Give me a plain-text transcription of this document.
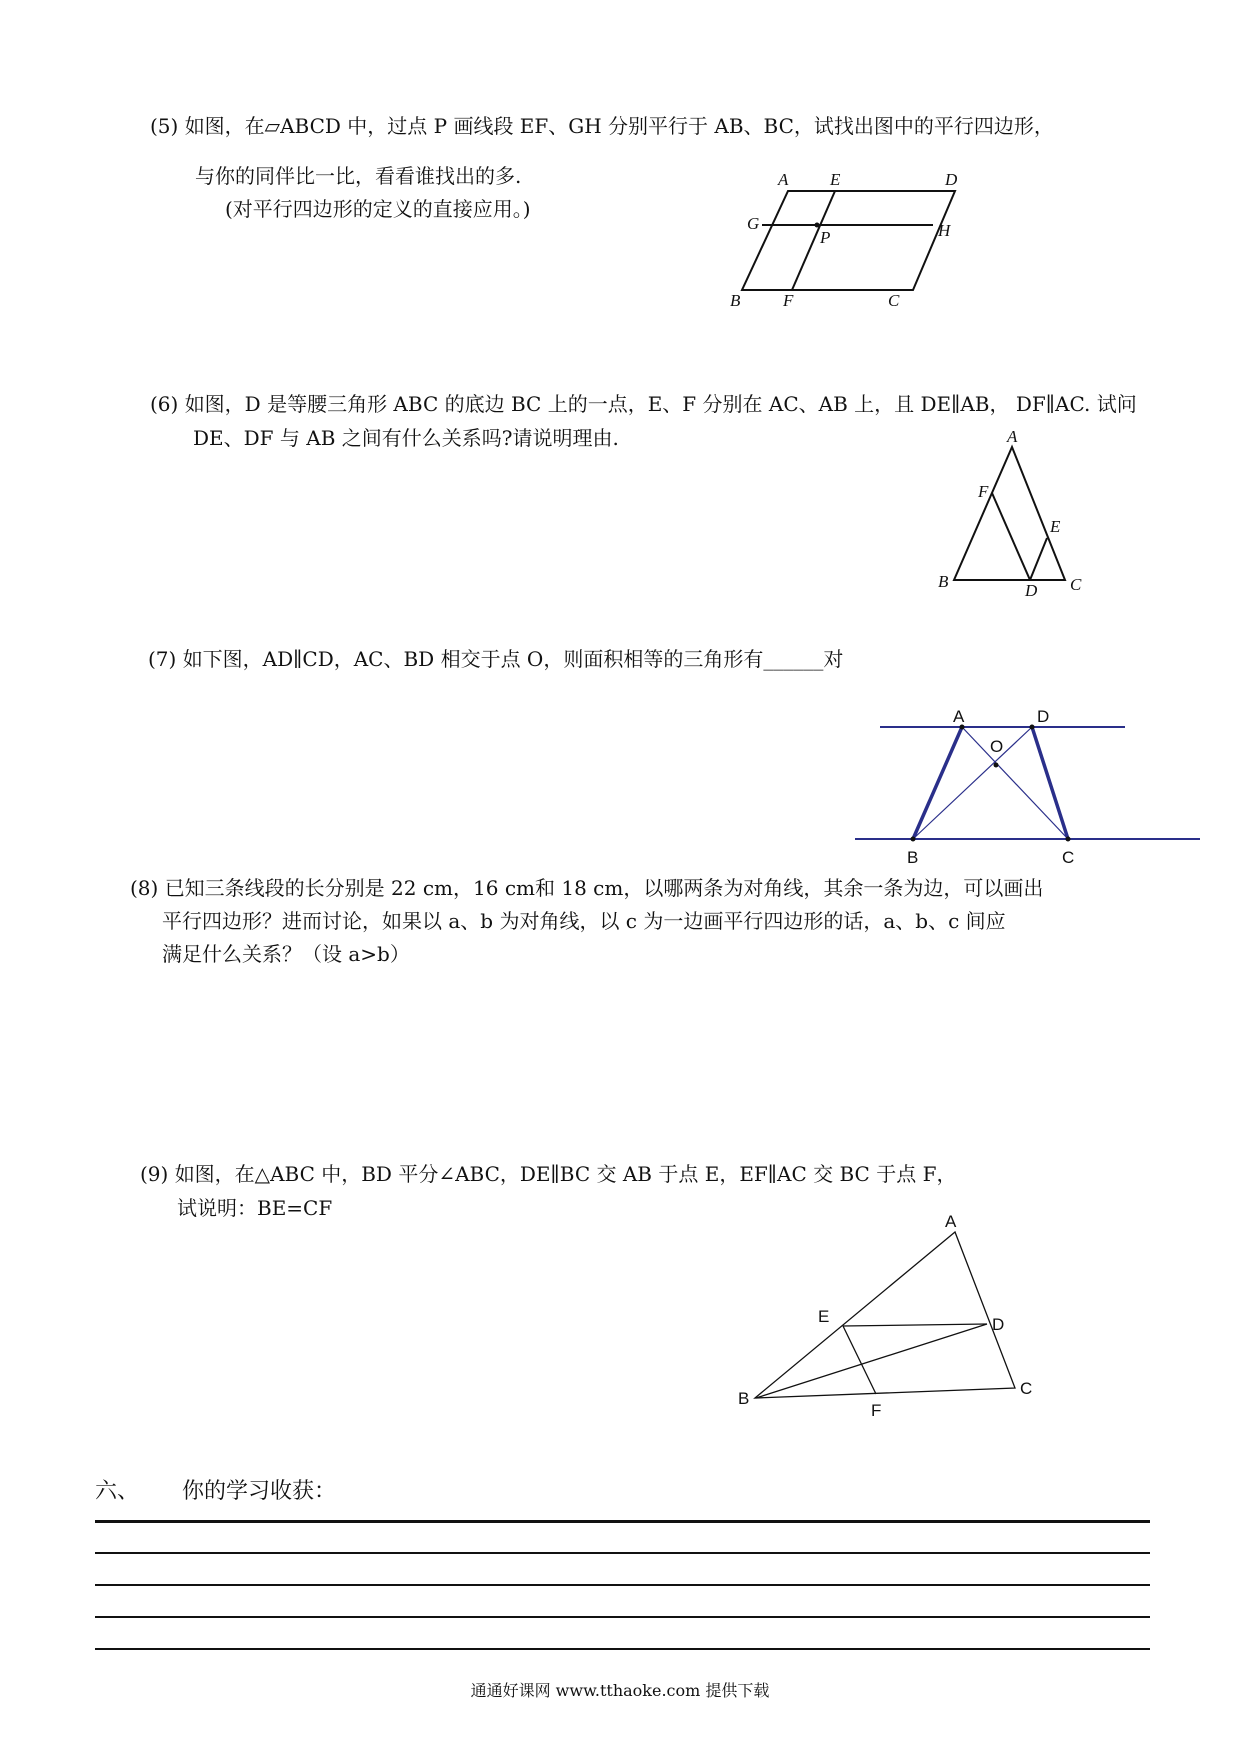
(5) 如图，在▱ABCD 中，过点 P 画线段 EF、GH 分别平行于 AB、BC，试找出图中的平行四边形，
与你的同伴比一比，看看谁找出的多.
(对平行四边形的定义的直接应用。)
A E	D
G
P	H
B	F	C
(6) 如图，D 是等腰三角形 ABC 的底边 BC 上的一点，E、F 分别在 AC、AB 上，且 DE∥AB， DF∥AC. 试问
DE、DF 与 AB 之间有什么关系吗?请说明理由.	A
F
E
B	D C
(7) 如下图，AD∥CD，AC、BD 相交于点 O，则面积相等的三角形有______对
A	D
O
B	C
(8) 已知三条线段的长分别是 22 cm，16 cm和 18 cm，以哪两条为对角线，其余一条为边，可以画出
平行四边形？进而讨论，如果以 a、b 为对角线，以 c 为一边画平行四边形的话，a、b、c 间应
满足什么关系？（设 a>b）
(9) 如图，在△ABC 中，BD 平分∠ABC，DE∥BC 交 AB 于点 E，EF∥AC 交 BC 于点 F，
试说明：BE=CF
A
E	D
B
F
C
六、 你的学习收获：
通通好课网 www.tthaoke.com 提供下载
